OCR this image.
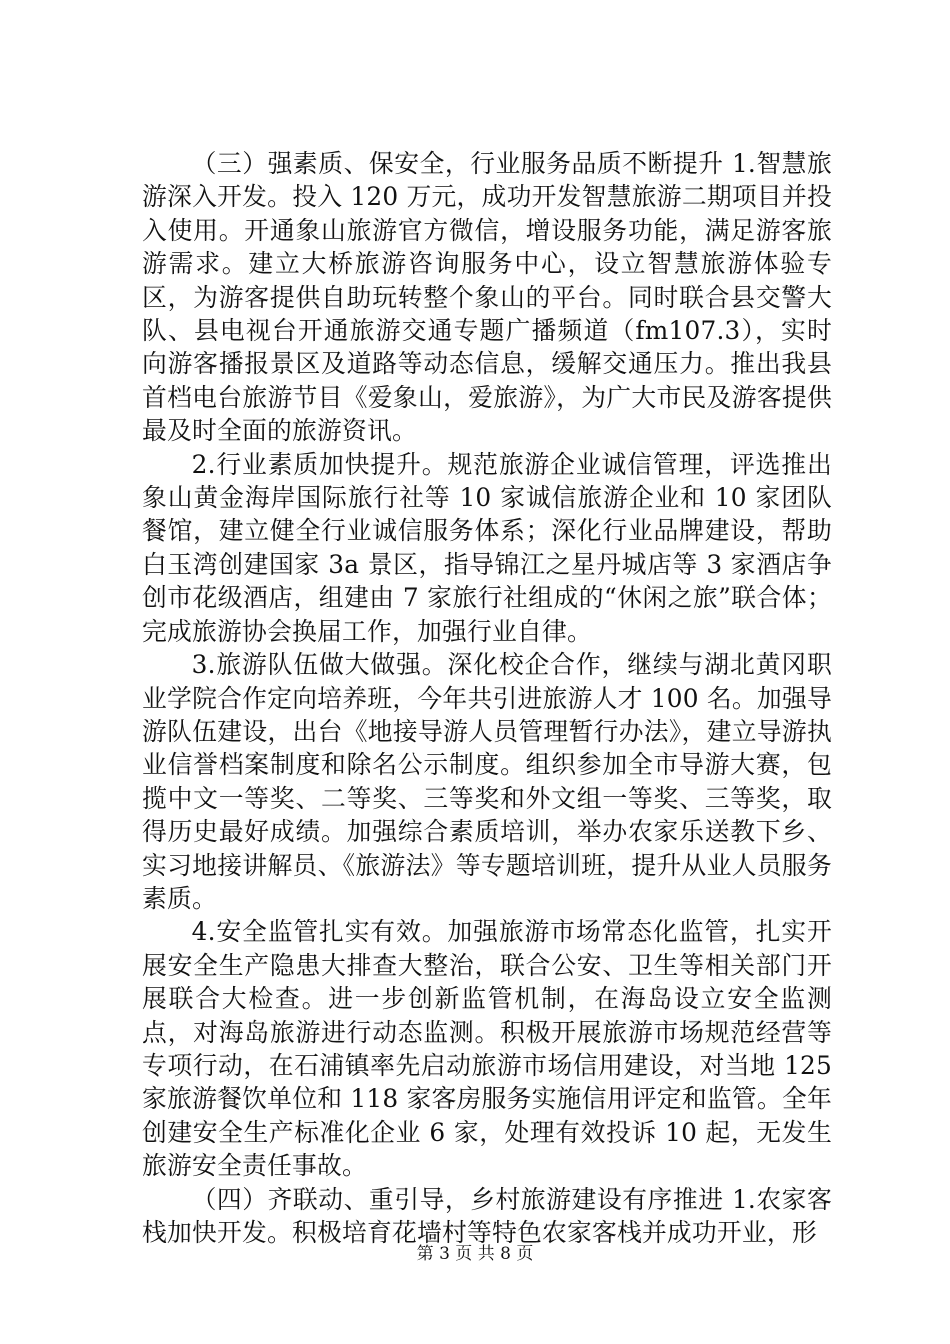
（三）强素质、保安全，行业服务品质不断提升 1.智慧旅游深入开发。投入 120 万元，成功开发智慧旅游二期项目并投入使用。开通象山旅游官方微信，增设服务功能，满足游客旅游需求。建立大桥旅游咨询服务中心，设立智慧旅游体验专区，为游客提供自助玩转整个象山的平台。同时联合县交警大队、县电视台开通旅游交通专题广播频道（fm107.3），实时向游客播报景区及道路等动态信息，缓解交通压力。推出我县首档电台旅游节目《爱象山，爱旅游》，为广大市民及游客提供最及时全面的旅游资讯。

2.行业素质加快提升。规范旅游企业诚信管理，评选推出象山黄金海岸国际旅行社等 10 家诚信旅游企业和 10 家团队餐馆，建立健全行业诚信服务体系；深化行业品牌建设，帮助白玉湾创建国家 3a 景区，指导锦江之星丹城店等 3 家酒店争创市花级酒店，组建由 7 家旅行社组成的“休闲之旅”联合体；完成旅游协会换届工作，加强行业自律。

3.旅游队伍做大做强。深化校企合作，继续与湖北黄冈职业学院合作定向培养班，今年共引进旅游人才 100 名。加强导游队伍建设，出台《地接导游人员管理暂行办法》，建立导游执业信誉档案制度和除名公示制度。组织参加全市导游大赛，包揽中文一等奖、二等奖、三等奖和外文组一等奖、三等奖，取得历史最好成绩。加强综合素质培训，举办农家乐送教下乡、实习地接讲解员、《旅游法》等专题培训班，提升从业人员服务素质。

4.安全监管扎实有效。加强旅游市场常态化监管，扎实开展安全生产隐患大排查大整治，联合公安、卫生等相关部门开展联合大检查。进一步创新监管机制，在海岛设立安全监测点，对海岛旅游进行动态监测。积极开展旅游市场规范经营等专项行动，在石浦镇率先启动旅游市场信用建设，对当地 125 家旅游餐饮单位和 118 家客房服务实施信用评定和监管。全年创建安全生产标准化企业 6 家，处理有效投诉 10 起，无发生旅游安全责任事故。

（四）齐联动、重引导，乡村旅游建设有序推进 1.农家客栈加快开发。积极培育花墙村等特色农家客栈并成功开业，形

第 3 页 共 8 页
